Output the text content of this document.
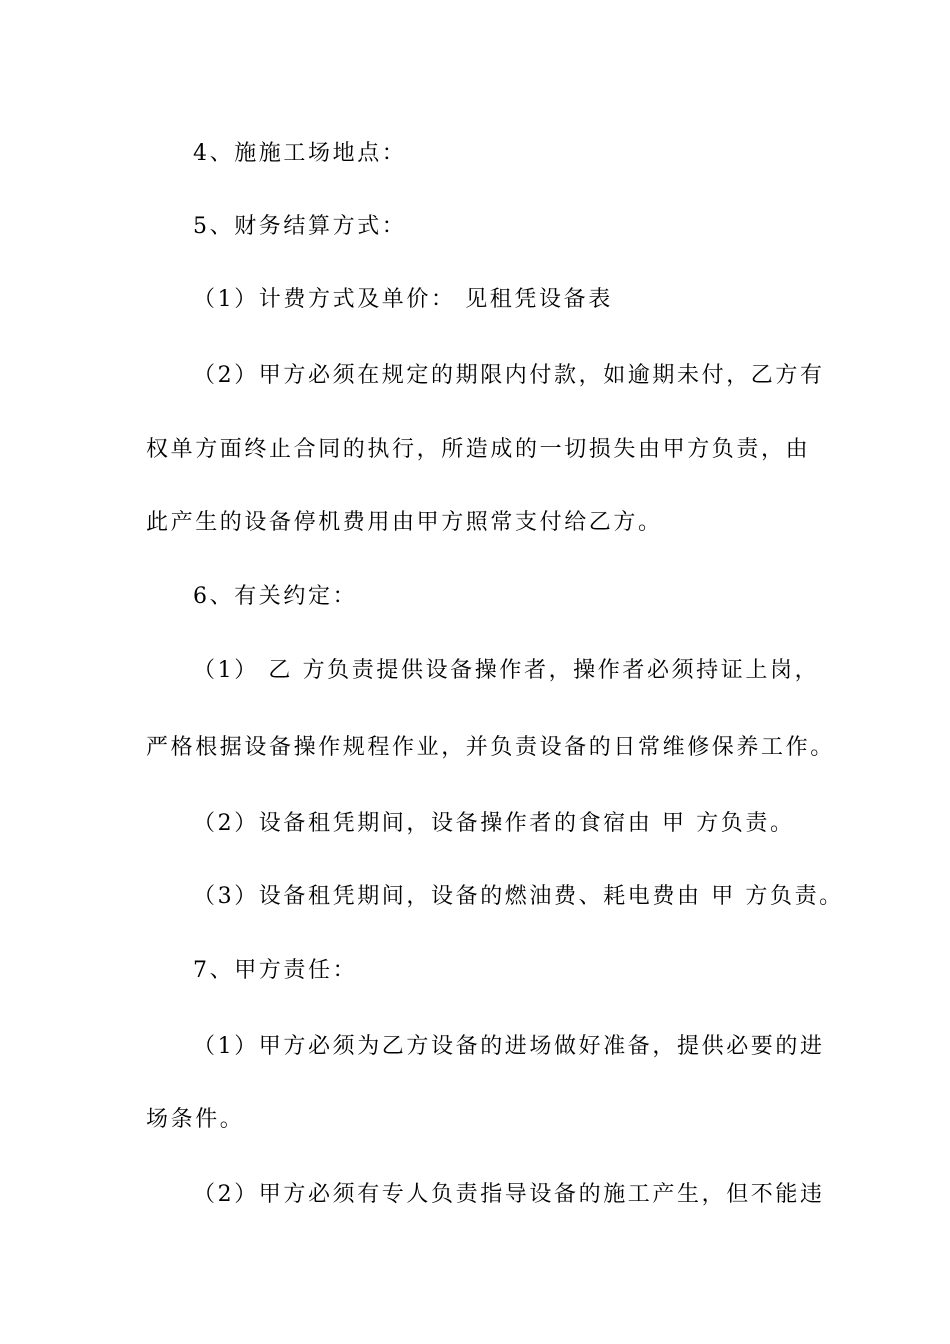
4、施施工场地点：
5、财务结算方式：
（1）计费方式及单价： 见租凭设备表
（2）甲方必须在规定的期限内付款，如逾期未付，乙方有
权单方面终止合同的执行，所造成的一切损失由甲方负责，由
此产生的设备停机费用由甲方照常支付给乙方。
6、有关约定：
（1） 乙 方负责提供设备操作者，操作者必须持证上岗，
严格根据设备操作规程作业，并负责设备的日常维修保养工作。
（2）设备租凭期间，设备操作者的食宿由 甲 方负责。
（3）设备租凭期间，设备的燃油费、耗电费由 甲 方负责。
7、甲方责任：
（1）甲方必须为乙方设备的进场做好准备，提供必要的进
场条件。
（2）甲方必须有专人负责指导设备的施工产生，但不能违
